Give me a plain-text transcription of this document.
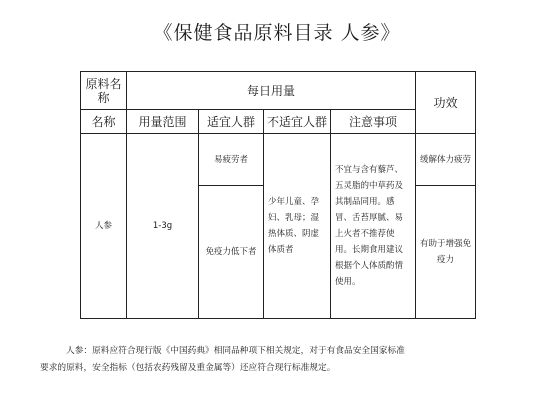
《保健食品原料目录 人参》
原料名称	每日用量				功效
名称	用量范围	适宜人群	不适宜人群	注意事项	
人参	1-3g	易疲劳者	少年儿童、孕妇、乳母；湿热体质、阴虚体质者	不宜与含有藜芦、五灵脂的中草药及其制品同用。感冒、舌苔厚腻、易上火者不推荐使用。长期食用建议根据个人体质酌情使用。	缓解体力疲劳
		免疫力低下者			有助于增强免疫力
人参：原料应符合现行版《中国药典》相同品种项下相关规定，对于有食品安全国家标准
要求的原料，安全指标（包括农药残留及重金属等）还应符合现行标准规定。
